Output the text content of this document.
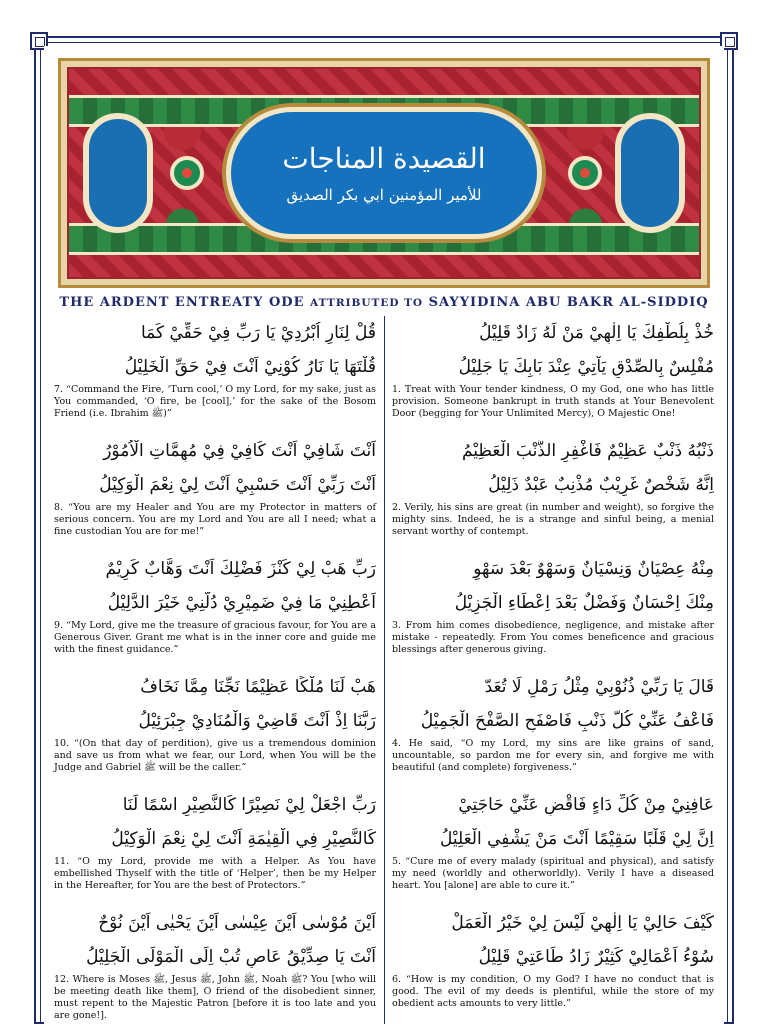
القصيدة المناجات
للأمير المؤمنين ابي بكر الصديق
THE ARDENT ENTREATY ODE ATTRIBUTED TO SAYYIDINA ABU BAKR AL-SIDDIQ
قُلْ لِنَارٍ اُبْرُدِيْ يَا رَبِّ فِيْ حَقِّيْ كَمَا
قُلْتَهَا يَا نَارُ كُوْنِيْ اَنْتَ فِيْ حَقِّ الْخَلِيْلُ
7. “Command the Fire, ‘Turn cool,’ O my Lord, for my sake, just as You commanded, ‘O fire, be [cool],’ for the sake of the Bosom Friend (i.e. Ibrahim ﷺ)”
اَنْتَ شَافِيْ اَنْتَ كَافِيْ فِيْ مُهِمَّاتِ الْاُمُوْرُ
اَنْتَ رَبِّيْ اَنْتَ حَسْبِيْ اَنْتَ لِيْ نِعْمَ الْوَكِيْلُ
8. “You are my Healer and You are my Protector in matters of serious concern. You are my Lord and You are all I need; what a fine custodian You are for me!”
رَبِّ هَبْ لِيْ كَنْزَ فَضْلِكَ اَنْتَ وَهَّابٌ كَرِيْمٌ
اَعْطِنِيْ مَا فِيْ ضَمِيْرِيْ دُلَّنِيْ خَيْرَ الدَّلِيْلُ
9. “My Lord, give me the treasure of gracious favour, for You are a Generous Giver. Grant me what is in the inner core and guide me with the finest guidance.”
هَبْ لَنَا مُلْكًا عَظِيْمًا نَجِّنَا مِمَّا نَخَافُ
رَبَّنَا اِذْ اَنْتَ قَاضِيْ وَالْمُنَادِيْ جِبْرَئِيْلُ
10. “(On that day of perdition), give us a tremendous dominion and save us from what we fear, our Lord, when You will be the Judge and Gabriel ﷺ will be the caller.”
رَبِّ اجْعَلْ لِيْ نَصِيْرًا كَالنَّصِيْرِ اسْمًا لَنَا
كَالنَّصِيْرِ فِي الْقِيٰمَةِ اَنْتَ لِيْ نِعْمَ الْوَكِيْلُ
11. “O my Lord, provide me with a Helper. As You have embellished Thyself with the title of ‘Helper’, then be my Helper in the Hereafter, for You are the best of Protectors.”
اَيْنَ مُوْسٰى اَيْنَ عِيْسٰى اَيْنَ يَحْيٰى اَيْنَ نُوْحٌ
اَنْتَ يَا صِدِّيْقُ عَاصٍ تُبْ اِلَى الْمَوْلَى الْجَلِيْلُ
12. Where is Moses ﷺ, Jesus ﷺ, John ﷺ, Noah ﷺ? You [who will be meeting death like them], O friend of the disobedient sinner, must repent to the Majestic Patron [before it is too late and you are gone!].
خُذْ بِلُطْفِكَ يَا اِلٰهِيْ مَنْ لَهُ زَادٌ قَلِيْلُ
مُفْلِسٌ بِالصِّدْقِ يَاْتِيْ عِنْدَ بَابِكَ يَا جَلِيْلُ
1. Treat with Your tender kindness, O my God, one who has little provision. Someone bankrupt in truth stands at Your Benevolent Door (begging for Your Unlimited Mercy), O Majestic One!
ذَنْبُهُ ذَنْبٌ عَظِيْمٌ فَاغْفِرِ الذَّنْبَ الْعَظِيْمُ
اِنَّهُ شَخْصٌ غَرِيْبٌ مُذْنِبٌ عَبْدٌ ذَلِيْلُ
2. Verily, his sins are great (in number and weight), so forgive the mighty sins. Indeed, he is a strange and sinful being, a menial servant worthy of contempt.
مِنْهُ عِصْيَانٌ وَنِسْيَانٌ وَسَهْوٌ بَعْدَ سَهْوٍ
مِنْكَ اِحْسَانٌ وَفَضْلٌ بَعْدَ اِعْطَاءِ الْجَزِيْلُ
3. From him comes disobedience, negligence, and mistake after mistake - repeatedly. From You comes beneficence and gracious blessings after generous giving.
قَالَ يَا رَبِّيْ ذُنُوْبِيْ مِثْلُ رَمْلٍ لَا تُعَدّ
فَاعْفُ عَنِّيْ كُلَّ ذَنْبٍ فَاصْفَحِ الصَّفْحَ الْجَمِيْلُ
4. He said, “O my Lord, my sins are like grains of sand, uncountable, so pardon me for every sin, and forgive me with beautiful (and complete) forgiveness.”
عَافِنِيْ مِنْ كُلِّ دَاءٍ فَاقْضِ عَنِّيْ حَاجَتِيْ
اِنَّ لِيْ قَلْبًا سَقِيْمًا اَنْتَ مَنْ يَشْفِي الْعَلِيْلُ
5. “Cure me of every malady (spiritual and physical), and satisfy my need (worldly and otherworldly). Verily I have a diseased heart. You [alone] are able to cure it.”
كَيْفَ حَالِيْ يَا اِلٰهِيْ لَيْسَ لِيْ خَيْرُ الْعَمَلْ
سُوْءُ اَعْمَالِيْ كَثِيْرٌ زَادُ طَاعَتِيْ قَلِيْلُ
6. “How is my condition, O my God? I have no conduct that is good. The evil of my deeds is plentiful, while the store of my obedient acts amounts to very little.”
